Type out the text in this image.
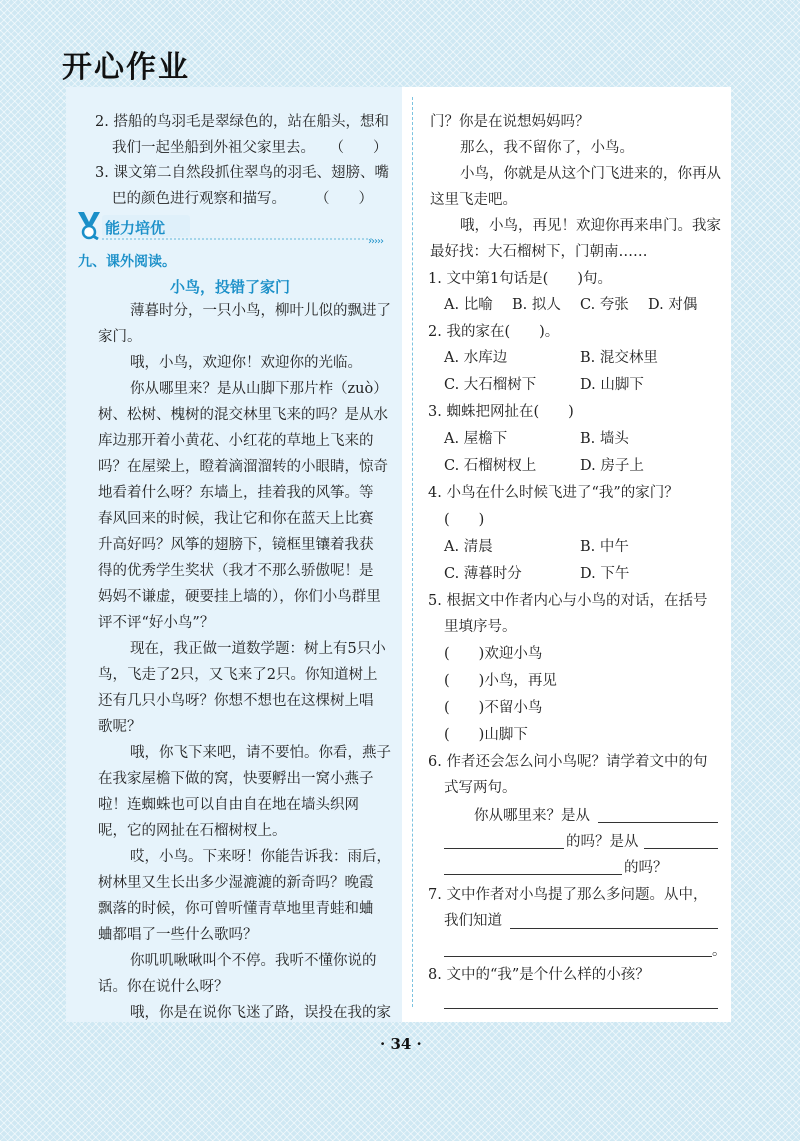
开心作业
2. 搭船的鸟羽毛是翠绿色的，站在船头，想和
我们一起坐船到外祖父家里去。　　（　　）
3. 课文第二自然段抓住翠鸟的羽毛、翅膀、嘴
巴的颜色进行观察和描写。　　　（　　）
能力培优
›››››
九、课外阅读。
小鸟，投错了家门
薄暮时分，一只小鸟，柳叶儿似的飘进了
家门。
哦，小鸟，欢迎你！欢迎你的光临。
你从哪里来？是从山脚下那片柞（zuò）
树、松树、槐树的混交林里飞来的吗？是从水
库边那开着小黄花、小红花的草地上飞来的
吗？在屋梁上，瞪着滴溜溜转的小眼睛，惊奇
地看着什么呀？东墙上，挂着我的风筝。等
春风回来的时候，我让它和你在蓝天上比赛
升高好吗？风筝的翅膀下，镜框里镶着我获
得的优秀学生奖状（我才不那么骄傲呢！是
妈妈不谦虚，硬要挂上墙的），你们小鸟群里
评不评“好小鸟”？
现在，我正做一道数学题：树上有5只小
鸟，飞走了2只，又飞来了2只。你知道树上
还有几只小鸟呀？你想不想也在这棵树上唱
歌呢？
哦，你飞下来吧，请不要怕。你看，燕子
在我家屋檐下做的窝，快要孵出一窝小燕子
啦！连蜘蛛也可以自由自在地在墙头织网
呢，它的网扯在石榴树杈上。
哎，小鸟。下来呀！你能告诉我：雨后，
树林里又生长出多少湿漉漉的新奇吗？晚霞
飘落的时候，你可曾听懂青草地里青蛙和蛐
蛐都唱了一些什么歌吗？
你叽叽啾啾叫个不停。我听不懂你说的
话。你在说什么呀？
哦，你是在说你飞迷了路，误投在我的家
门？你是在说想妈妈吗？
那么，我不留你了，小鸟。
小鸟，你就是从这个门飞进来的，你再从
这里飞走吧。
哦，小鸟，再见！欢迎你再来串门。我家
最好找：大石榴树下，门朝南……
1. 文中第1句话是(　　)句。
A. 比喻 B. 拟人 C. 夸张 D. 对偶
2. 我的家在(　　)。
A. 水库边	B. 混交林里
C. 大石榴树下	D. 山脚下
3. 蜘蛛把网扯在(　　)
A. 屋檐下	B. 墙头
C. 石榴树杈上	D. 房子上
4. 小鸟在什么时候飞进了“我”的家门？
(　　)
A. 清晨	B. 中午
C. 薄暮时分	D. 下午
5. 根据文中作者内心与小鸟的对话，在括号
里填序号。
(　　)欢迎小鸟
(　　)小鸟，再见
(　　)不留小鸟
(　　)山脚下
6. 作者还会怎么问小鸟呢？请学着文中的句
式写两句。
你从哪里来？是从
的吗？是从
的吗？
7. 文中作者对小鸟提了那么多问题。从中，
我们知道
。
8. 文中的“我”是个什么样的小孩？
· 34 ·
